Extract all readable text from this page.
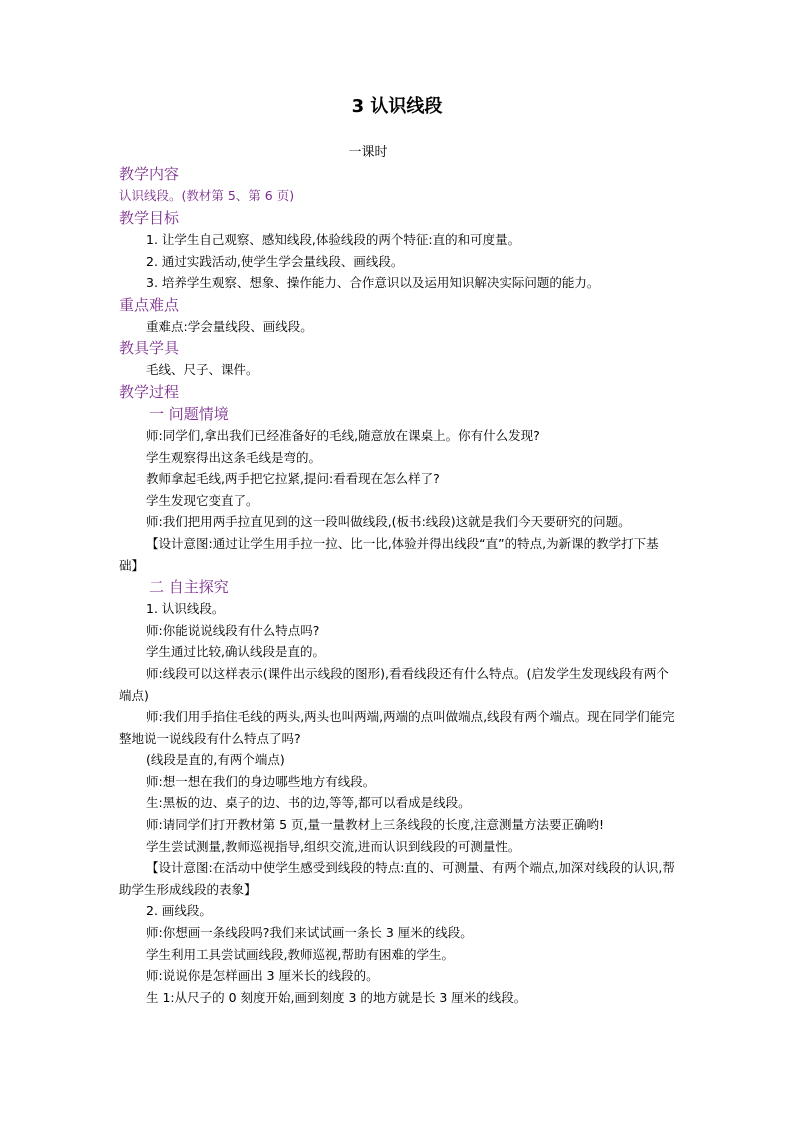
3 认识线段
一课时

教学内容

认识线段。(教材第 5、第 6 页)

教学目标

1. 让学生自己观察、感知线段,体验线段的两个特征:直的和可度量。

2. 通过实践活动,使学生学会量线段、画线段。

3. 培养学生观察、想象、操作能力、合作意识以及运用知识解决实际问题的能力。

重点难点

重难点:学会量线段、画线段。

教具学具

毛线、尺子、课件。

教学过程

一 问题情境

师:同学们,拿出我们已经准备好的毛线,随意放在课桌上。你有什么发现?

学生观察得出这条毛线是弯的。

教师拿起毛线,两手把它拉紧,提问:看看现在怎么样了?

学生发现它变直了。

师:我们把用两手拉直见到的这一段叫做线段,(板书:线段)这就是我们今天要研究的问题。

【设计意图:通过让学生用手拉一拉、比一比,体验并得出线段“直”的特点,为新课的教学打下基础】

二 自主探究

1. 认识线段。

师:你能说说线段有什么特点吗?

学生通过比较,确认线段是直的。

师:线段可以这样表示(课件出示线段的图形),看看线段还有什么特点。(启发学生发现线段有两个端点)

师:我们用手掐住毛线的两头,两头也叫两端,两端的点叫做端点,线段有两个端点。现在同学们能完整地说一说线段有什么特点了吗?

(线段是直的,有两个端点)

师:想一想在我们的身边哪些地方有线段。

生:黑板的边、桌子的边、书的边,等等,都可以看成是线段。

师:请同学们打开教材第 5 页,量一量教材上三条线段的长度,注意测量方法要正确哟!

学生尝试测量,教师巡视指导,组织交流,进而认识到线段的可测量性。

【设计意图:在活动中使学生感受到线段的特点:直的、可测量、有两个端点,加深对线段的认识,帮助学生形成线段的表象】

2. 画线段。

师:你想画一条线段吗?我们来试试画一条长 3 厘米的线段。

学生利用工具尝试画线段,教师巡视,帮助有困难的学生。

师:说说你是怎样画出 3 厘米长的线段的。

生 1:从尺子的 0 刻度开始,画到刻度 3 的地方就是长 3 厘米的线段。
